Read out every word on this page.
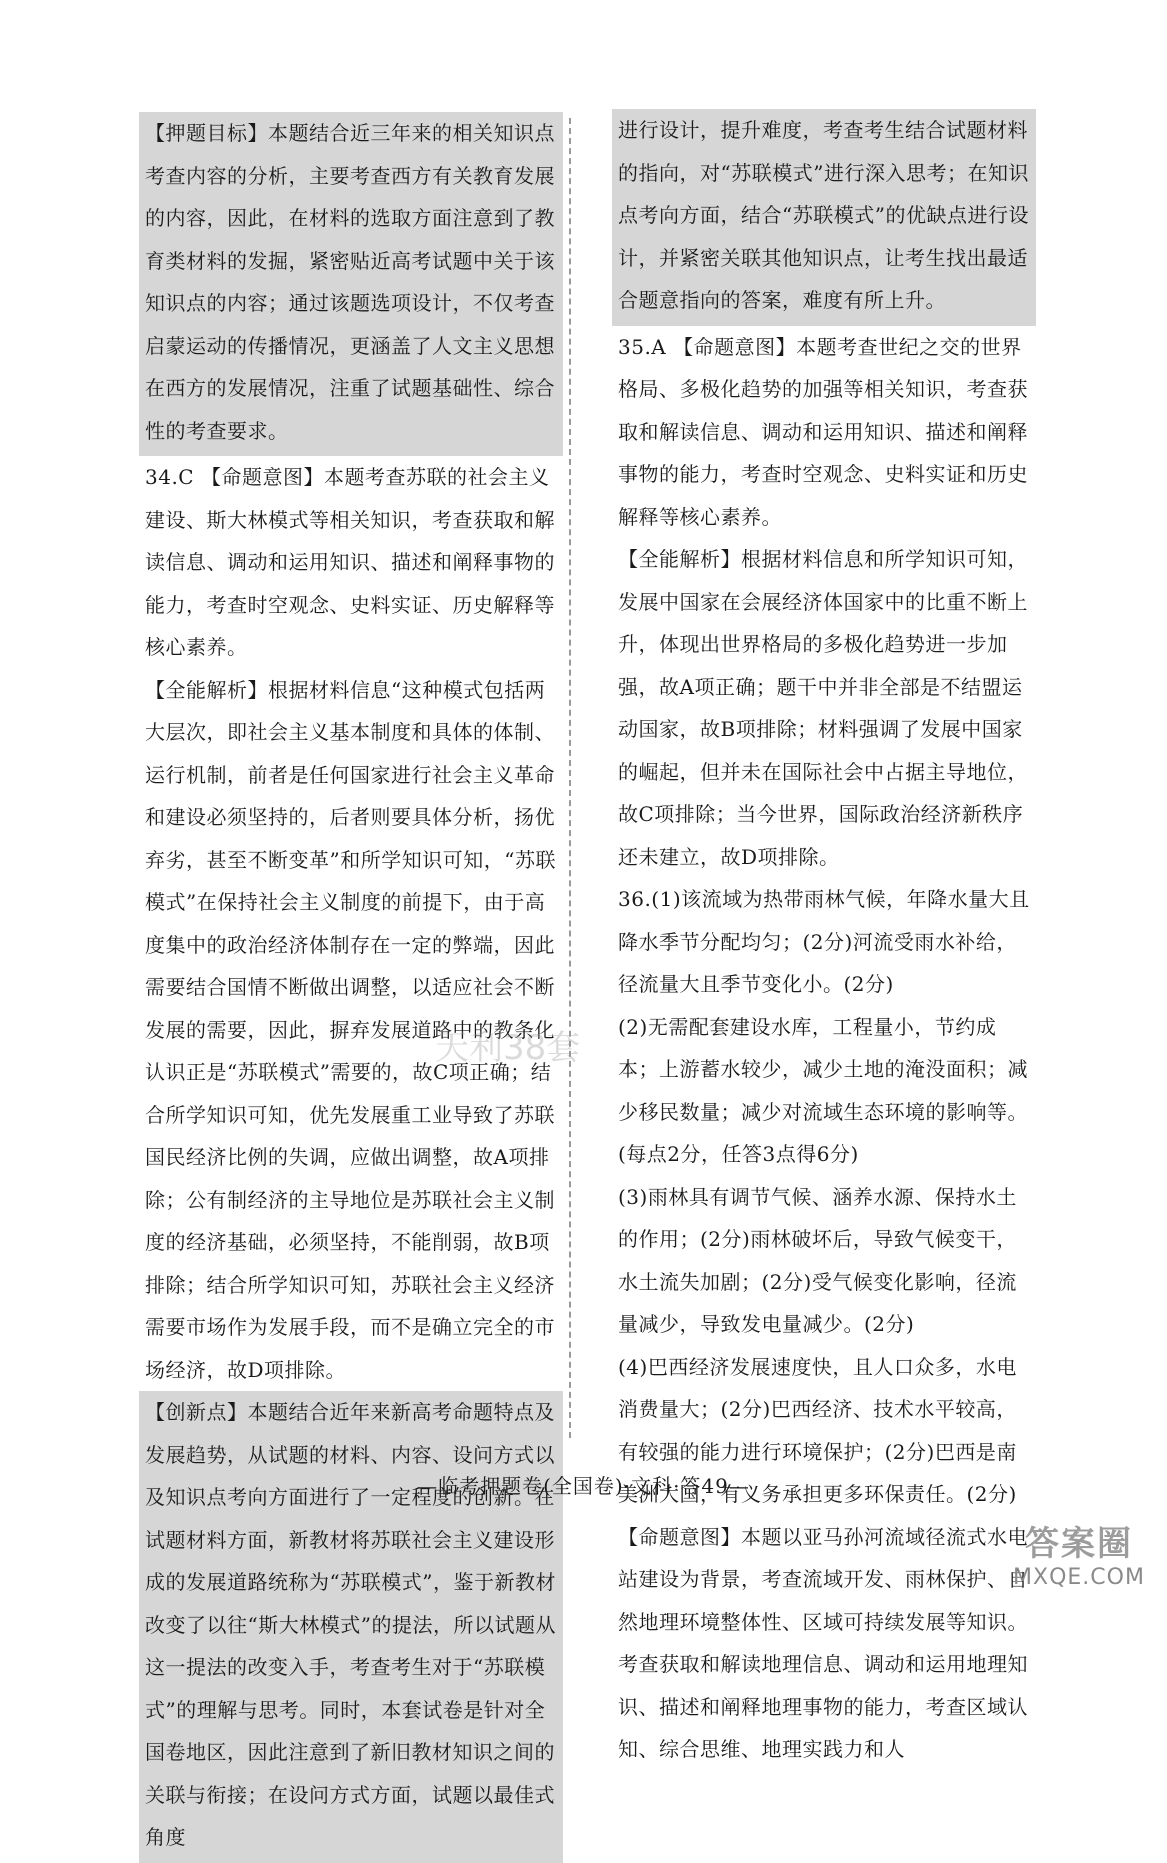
【押题目标】本题结合近三年来的相关知识点考查内容的分析，主要考查西方有关教育发展的内容，因此，在材料的选取方面注意到了教育类材料的发掘，紧密贴近高考试题中关于该知识点的内容；通过该题选项设计，不仅考查启蒙运动的传播情况，更涵盖了人文主义思想在西方的发展情况，注重了试题基础性、综合性的考查要求。

34.C 【命题意图】本题考查苏联的社会主义建设、斯大林模式等相关知识，考查获取和解读信息、调动和运用知识、描述和阐释事物的能力，考查时空观念、史料实证、历史解释等核心素养。

【全能解析】根据材料信息“这种模式包括两大层次，即社会主义基本制度和具体的体制、运行机制，前者是任何国家进行社会主义革命和建设必须坚持的，后者则要具体分析，扬优弃劣，甚至不断变革”和所学知识可知，“苏联模式”在保持社会主义制度的前提下，由于高度集中的政治经济体制存在一定的弊端，因此需要结合国情不断做出调整，以适应社会不断发展的需要，因此，摒弃发展道路中的教条化认识正是“苏联模式”需要的，故C项正确；结合所学知识可知，优先发展重工业导致了苏联国民经济比例的失调，应做出调整，故A项排除；公有制经济的主导地位是苏联社会主义制度的经济基础，必须坚持，不能削弱，故B项排除；结合所学知识可知，苏联社会主义经济需要市场作为发展手段，而不是确立完全的市场经济，故D项排除。

【创新点】本题结合近年来新高考命题特点及发展趋势，从试题的材料、内容、设问方式以及知识点考向方面进行了一定程度的创新。在试题材料方面，新教材将苏联社会主义建设形成的发展道路统称为“苏联模式”，鉴于新教材改变了以往“斯大林模式”的提法，所以试题从这一提法的改变入手，考查考生对于“苏联模式”的理解与思考。同时，本套试卷是针对全国卷地区，因此注意到了新旧教材知识之间的关联与衔接；在设问方式方面，试题以最佳式角度

进行设计，提升难度，考查考生结合试题材料的指向，对“苏联模式”进行深入思考；在知识点考向方面，结合“苏联模式”的优缺点进行设计，并紧密关联其他知识点，让考生找出最适合题意指向的答案，难度有所上升。

35.A 【命题意图】本题考查世纪之交的世界格局、多极化趋势的加强等相关知识，考查获取和解读信息、调动和运用知识、描述和阐释事物的能力，考查时空观念、史料实证和历史解释等核心素养。

【全能解析】根据材料信息和所学知识可知，发展中国家在会展经济体国家中的比重不断上升，体现出世界格局的多极化趋势进一步加强，故A项正确；题干中并非全部是不结盟运动国家，故B项排除；材料强调了发展中国家的崛起，但并未在国际社会中占据主导地位，故C项排除；当今世界，国际政治经济新秩序还未建立，故D项排除。

36.(1)该流域为热带雨林气候，年降水量大且降水季节分配均匀；(2分)河流受雨水补给，径流量大且季节变化小。(2分)

(2)无需配套建设水库，工程量小，节约成本；上游蓄水较少，减少土地的淹没面积；减少移民数量；减少对流域生态环境的影响等。(每点2分，任答3点得6分)

(3)雨林具有调节气候、涵养水源、保持水土的作用；(2分)雨林破坏后，导致气候变干，水土流失加剧；(2分)受气候变化影响，径流量减少，导致发电量减少。(2分)

(4)巴西经济发展速度快，且人口众多，水电消费量大；(2分)巴西经济、技术水平较高，有较强的能力进行环境保护；(2分)巴西是南美洲大国，有义务承担更多环保责任。(2分)

【命题意图】本题以亚马孙河流域径流式水电站建设为背景，考查流域开发、雨林保护、自然地理环境整体性、区域可持续发展等知识。考查获取和解读地理信息、调动和运用地理知识、描述和阐释地理事物的能力，考查区域认知、综合思维、地理实践力和人

天利38套
—临考押题卷(全国卷)·文科·答49—
答案圈
MXQE.COM
